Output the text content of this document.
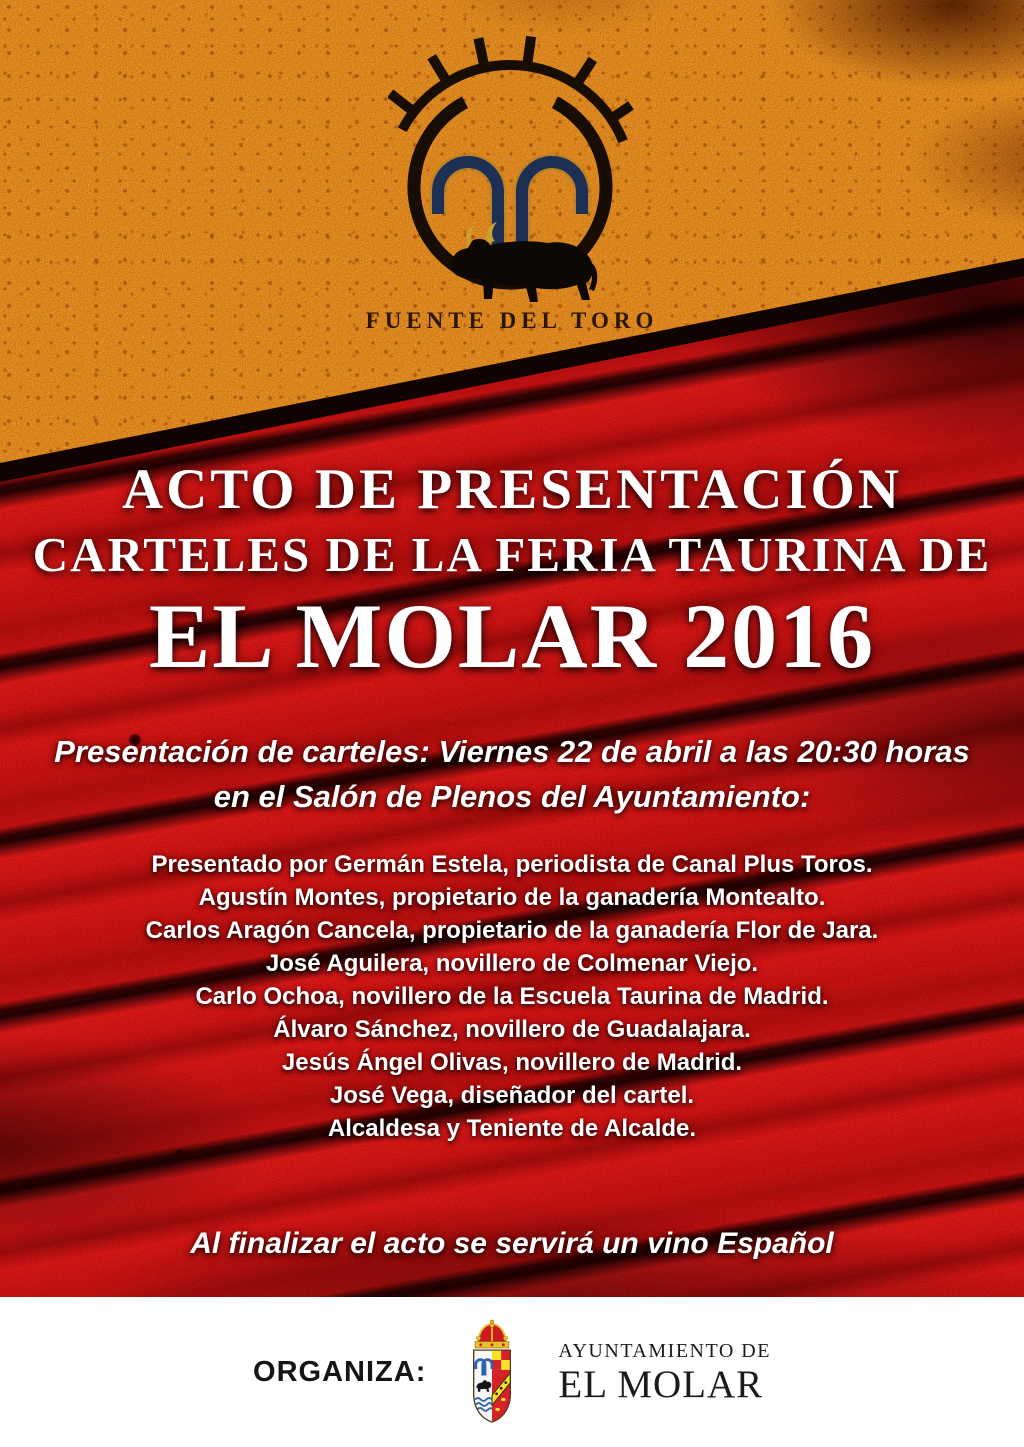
FUENTE DEL TORO
ACTO DE PRESENTACIÓN
CARTELES DE LA FERIA TAURINA DE
EL MOLAR 2016
Presentación de carteles: Viernes 22 de abril a las 20:30 horas
en el Salón de Plenos del Ayuntamiento:
Presentado por Germán Estela, periodista de Canal Plus Toros.
Agustín Montes, propietario de la ganadería Montealto.
Carlos Aragón Cancela, propietario de la ganadería Flor de Jara.
José Aguilera, novillero de Colmenar Viejo.
Carlo Ochoa, novillero de la Escuela Taurina de Madrid.
Álvaro Sánchez, novillero de Guadalajara.
Jesús Ángel Olivas, novillero de Madrid.
José Vega, diseñador del cartel.
Alcaldesa y Teniente de Alcalde.
Al finalizar el acto se servirá un vino Español
ORGANIZA:
AYUNTAMIENTO DE
EL MOLAR
